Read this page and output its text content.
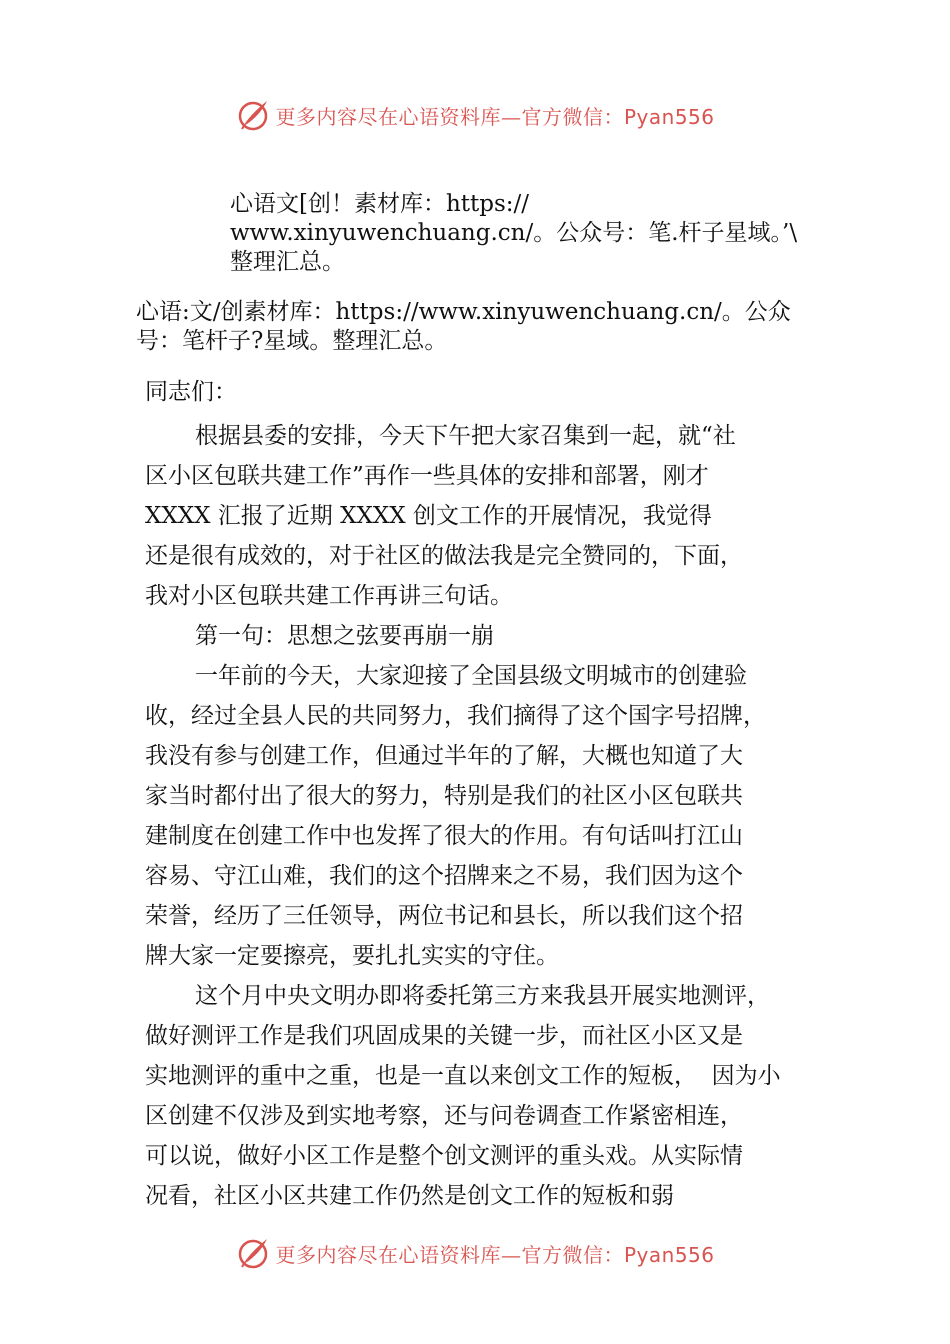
更多内容尽在心语资料库—官方微信：Pyan556
心语文[创！素材库：https://
www.xinyuwenchuang.cn/。公众号：笔.杆子星域。’\
整理汇总。
心语:文/创素材库：https://www.xinyuwenchuang.cn/。公众
号：笔杆子?星域。整理汇总。
同志们：
根据县委的安排，今天下午把大家召集到一起，就“社
区小区包联共建工作”再作一些具体的安排和部署，刚才
XXXX 汇报了近期 XXXX 创文工作的开展情况，我觉得
还是很有成效的，对于社区的做法我是完全赞同的，下面，
我对小区包联共建工作再讲三句话。
第一句：思想之弦要再崩一崩
一年前的今天，大家迎接了全国县级文明城市的创建验
收，经过全县人民的共同努力，我们摘得了这个国字号招牌，
我没有参与创建工作，但通过半年的了解，大概也知道了大
家当时都付出了很大的努力，特别是我们的社区小区包联共
建制度在创建工作中也发挥了很大的作用。有句话叫打江山
容易、守江山难，我们的这个招牌来之不易，我们因为这个
荣誉，经历了三任领导，两位书记和县长，所以我们这个招
牌大家一定要擦亮，要扎扎实实的守住。
这个月中央文明办即将委托第三方来我县开展实地测评，
做好测评工作是我们巩固成果的关键一步，而社区小区又是
实地测评的重中之重，也是一直以来创文工作的短板，  因为小
区创建不仅涉及到实地考察，还与问卷调查工作紧密相连，
可以说，做好小区工作是整个创文测评的重头戏。从实际情
况看，社区小区共建工作仍然是创文工作的短板和弱
更多内容尽在心语资料库—官方微信：Pyan556
